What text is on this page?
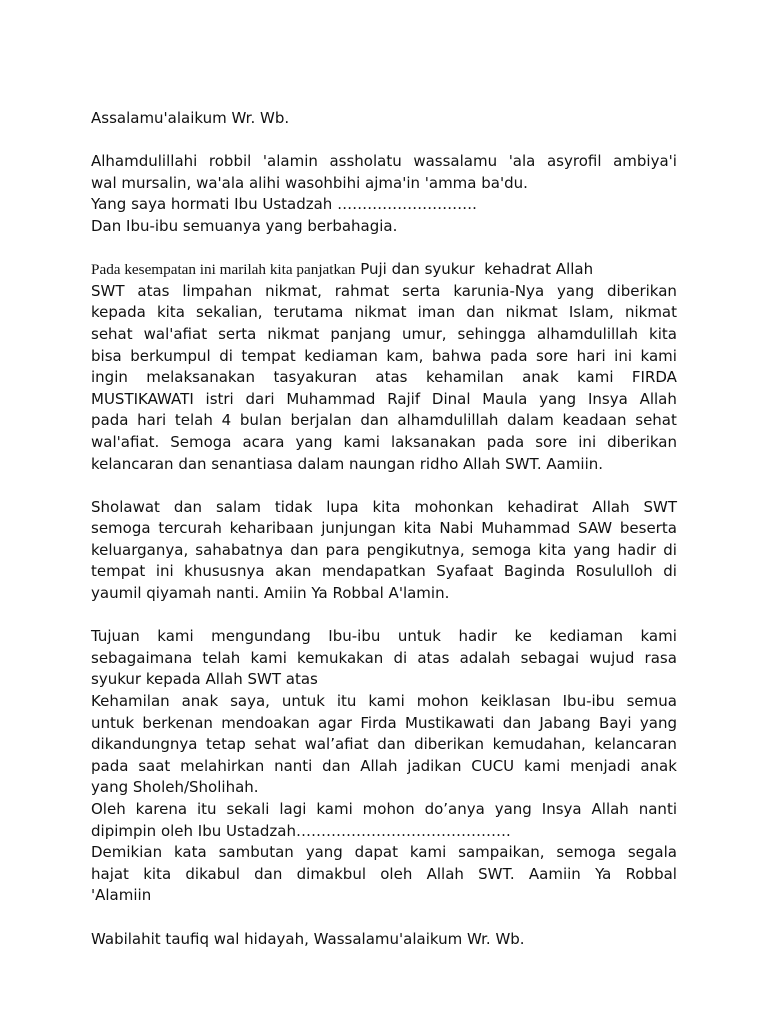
Assalamu'alaikum Wr. Wb.
Alhamdulillahi robbil 'alamin assholatu wassalamu 'ala asyrofil ambiya'i
wal mursalin, wa'ala alihi wasohbihi ajma'in 'amma ba'du.
Yang saya hormati Ibu Ustadzah ……………………….
Dan Ibu-ibu semuanya yang berbahagia.
Pada kesempatan ini marilah kita panjatkan Puji dan syukur  kehadrat Allah
SWT atas limpahan nikmat, rahmat serta karunia-Nya yang diberikan
kepada kita sekalian, terutama nikmat iman dan nikmat Islam, nikmat
sehat wal'afiat serta nikmat panjang umur, sehingga alhamdulillah kita
bisa berkumpul di tempat kediaman kam, bahwa pada sore hari ini kami
ingin melaksanakan tasyakuran atas kehamilan anak kami FIRDA
MUSTIKAWATI istri dari Muhammad Rajif Dinal Maula yang Insya Allah
pada hari telah 4 bulan berjalan dan alhamdulillah dalam keadaan sehat
wal'afiat. Semoga acara yang kami laksanakan pada sore ini diberikan
kelancaran dan senantiasa dalam naungan ridho Allah SWT. Aamiin.
Sholawat dan salam tidak lupa kita mohonkan kehadirat Allah SWT
semoga tercurah keharibaan junjungan kita Nabi Muhammad SAW beserta
keluarganya, sahabatnya dan para pengikutnya, semoga kita yang hadir di
tempat ini khususnya akan mendapatkan Syafaat Baginda Rosululloh di
yaumil qiyamah nanti. Amiin Ya Robbal A'lamin.
Tujuan kami mengundang Ibu-ibu untuk hadir ke kediaman kami
sebagaimana telah kami kemukakan di atas adalah sebagai wujud rasa
syukur kepada Allah SWT atas
Kehamilan anak saya, untuk itu kami mohon keiklasan Ibu-ibu semua
untuk berkenan mendoakan agar Firda Mustikawati dan Jabang Bayi yang
dikandungnya tetap sehat wal’afiat dan diberikan kemudahan, kelancaran
pada saat melahirkan nanti dan Allah jadikan CUCU kami menjadi anak
yang Sholeh/Sholihah.
Oleh karena itu sekali lagi kami mohon do’anya yang Insya Allah nanti
dipimpin oleh Ibu Ustadzah…………………………………….
Demikian kata sambutan yang dapat kami sampaikan, semoga segala
hajat kita dikabul dan dimakbul oleh Allah SWT. Aamiin Ya Robbal
'Alamiin
Wabilahit taufiq wal hidayah, Wassalamu'alaikum Wr. Wb.
